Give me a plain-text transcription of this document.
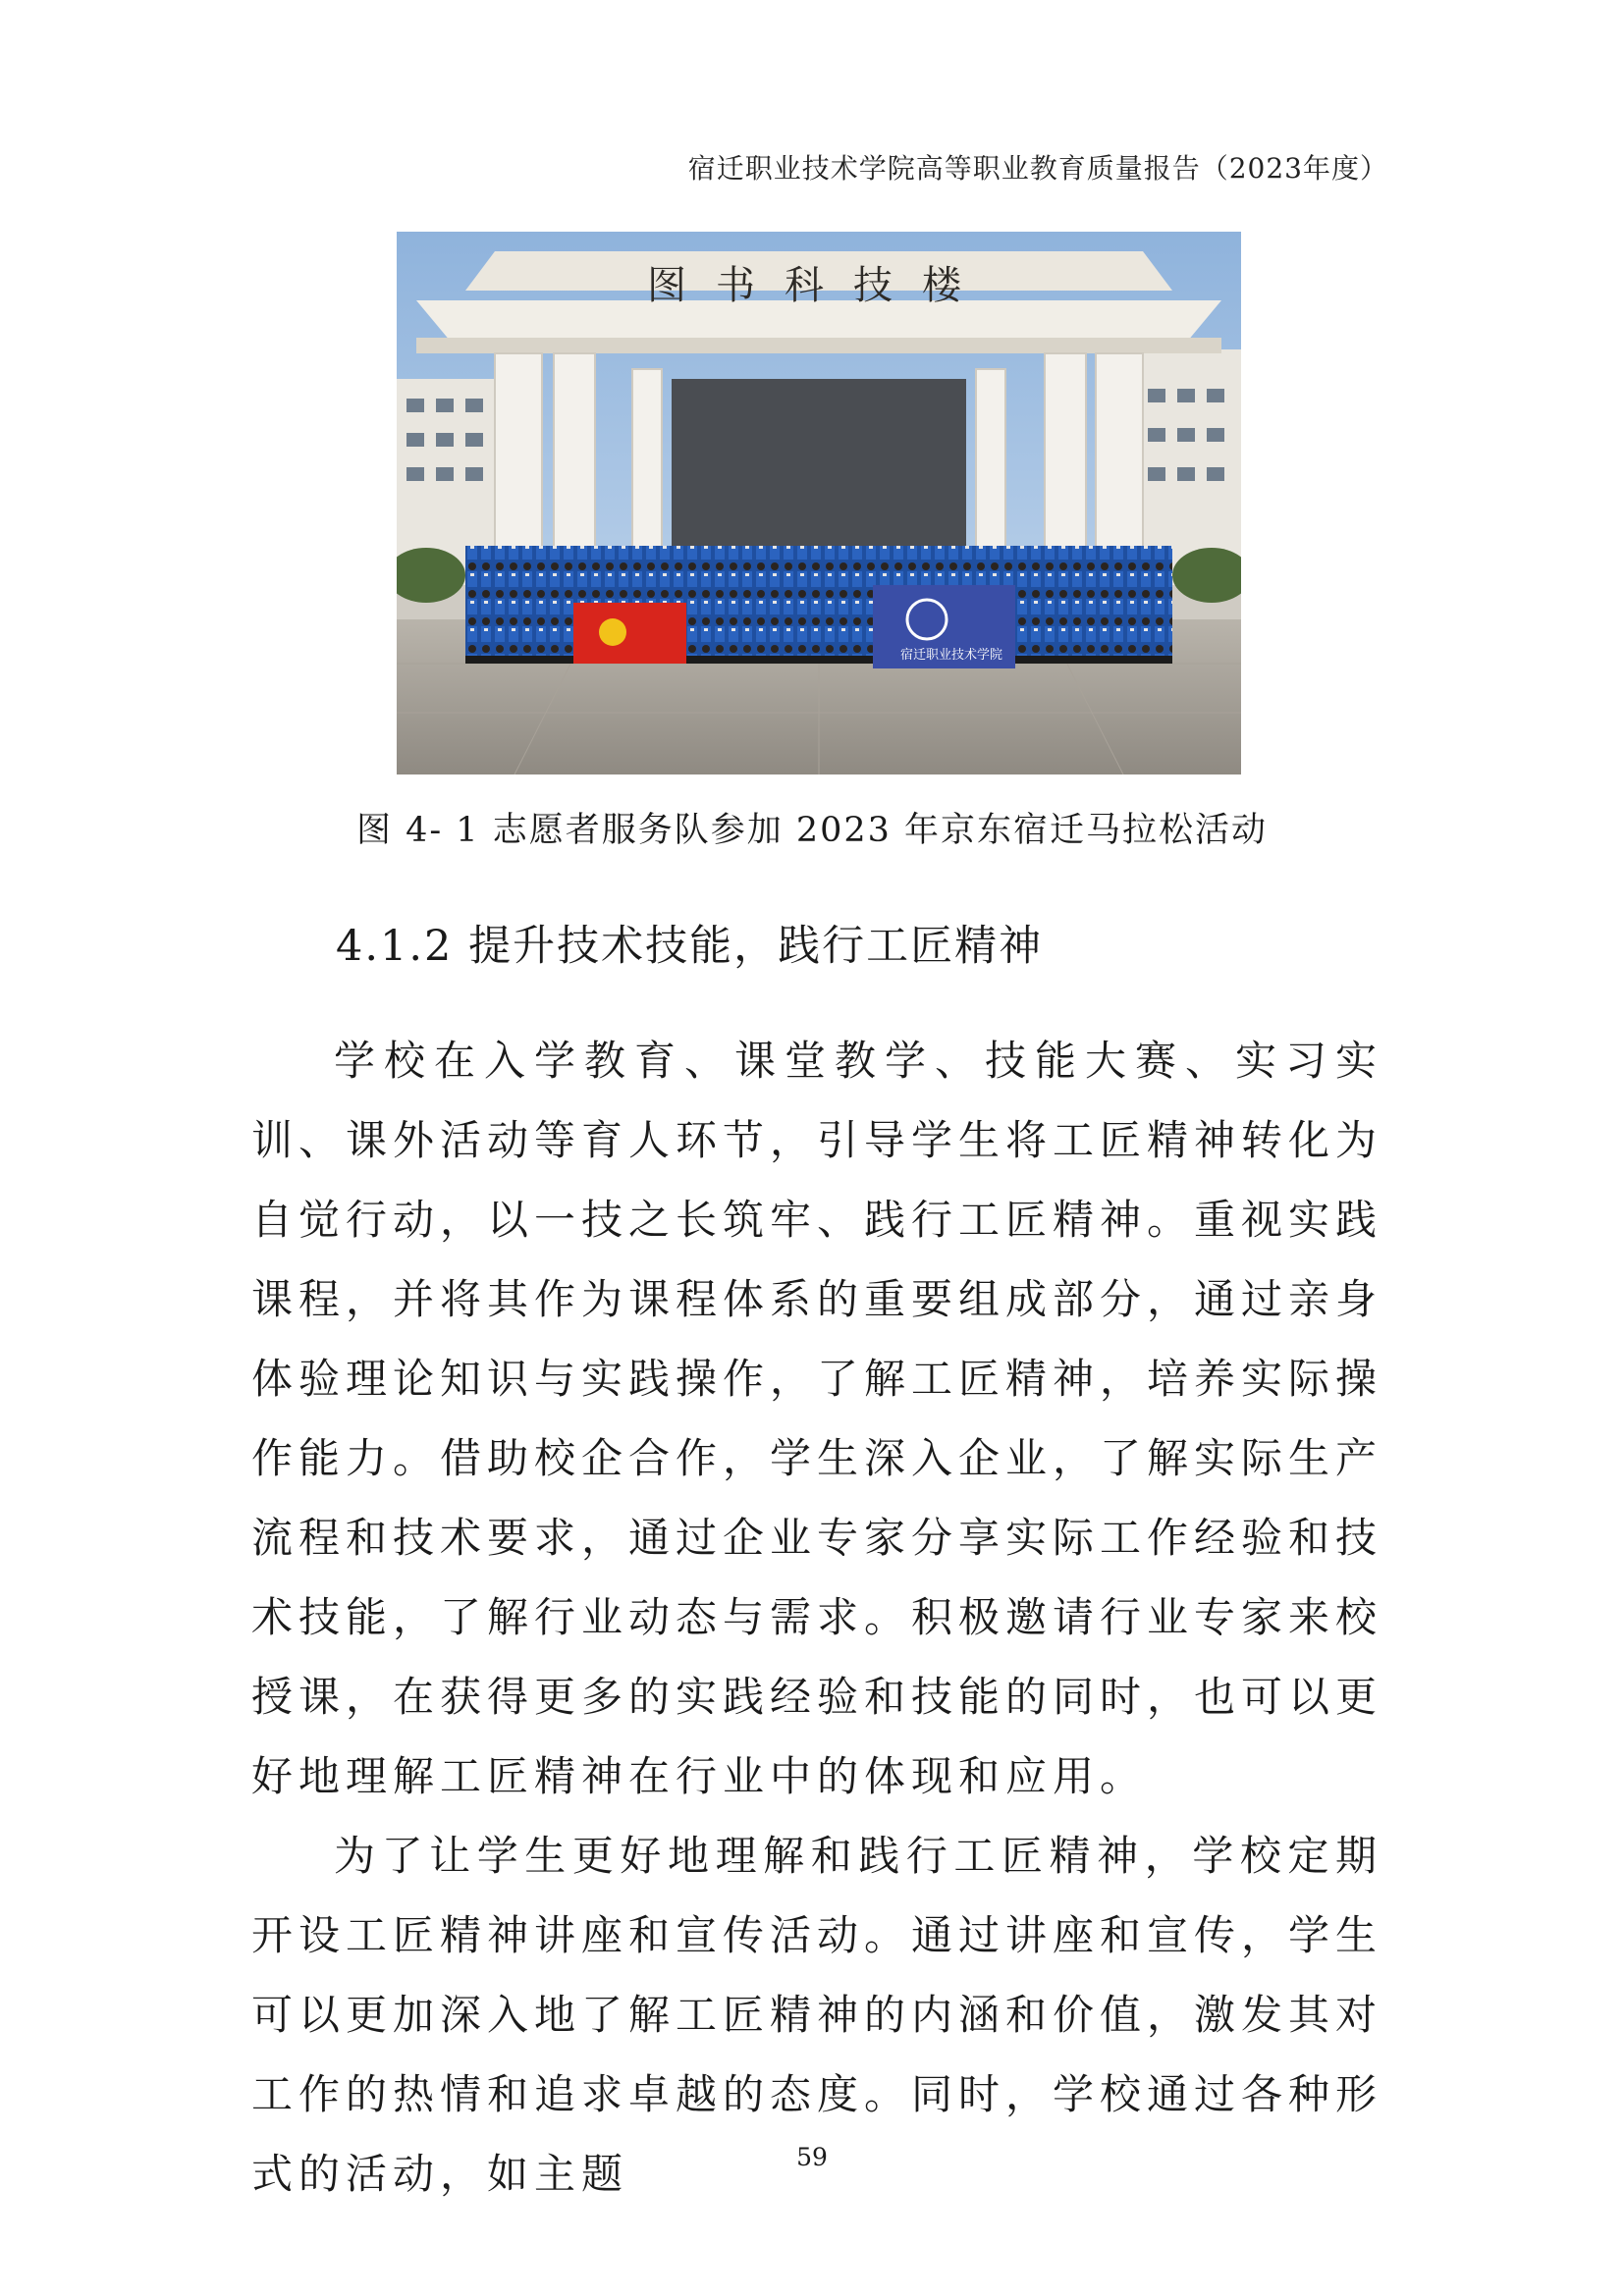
宿迁职业技术学院高等职业教育质量报告（2023年度）
图书科技楼
宿迁职业技术学院
图 4- 1 志愿者服务队参加 2023 年京东宿迁马拉松活动
4.1.2 提升技术技能，践行工匠精神

学校在入学教育、课堂教学、技能大赛、实习实训、课外活动等育人环节，引导学生将工匠精神转化为自觉行动，以一技之长筑牢、践行工匠精神。重视实践课程，并将其作为课程体系的重要组成部分，通过亲身体验理论知识与实践操作，了解工匠精神，培养实际操作能力。借助校企合作，学生深入企业，了解实际生产流程和技术要求，通过企业专家分享实际工作经验和技术技能，了解行业动态与需求。积极邀请行业专家来校授课，在获得更多的实践经验和技能的同时，也可以更好地理解工匠精神在行业中的体现和应用。

为了让学生更好地理解和践行工匠精神，学校定期开设工匠精神讲座和宣传活动。通过讲座和宣传，学生可以更加深入地了解工匠精神的内涵和价值，激发其对工作的热情和追求卓越的态度。同时，学校通过各种形式的活动，如主题	59
